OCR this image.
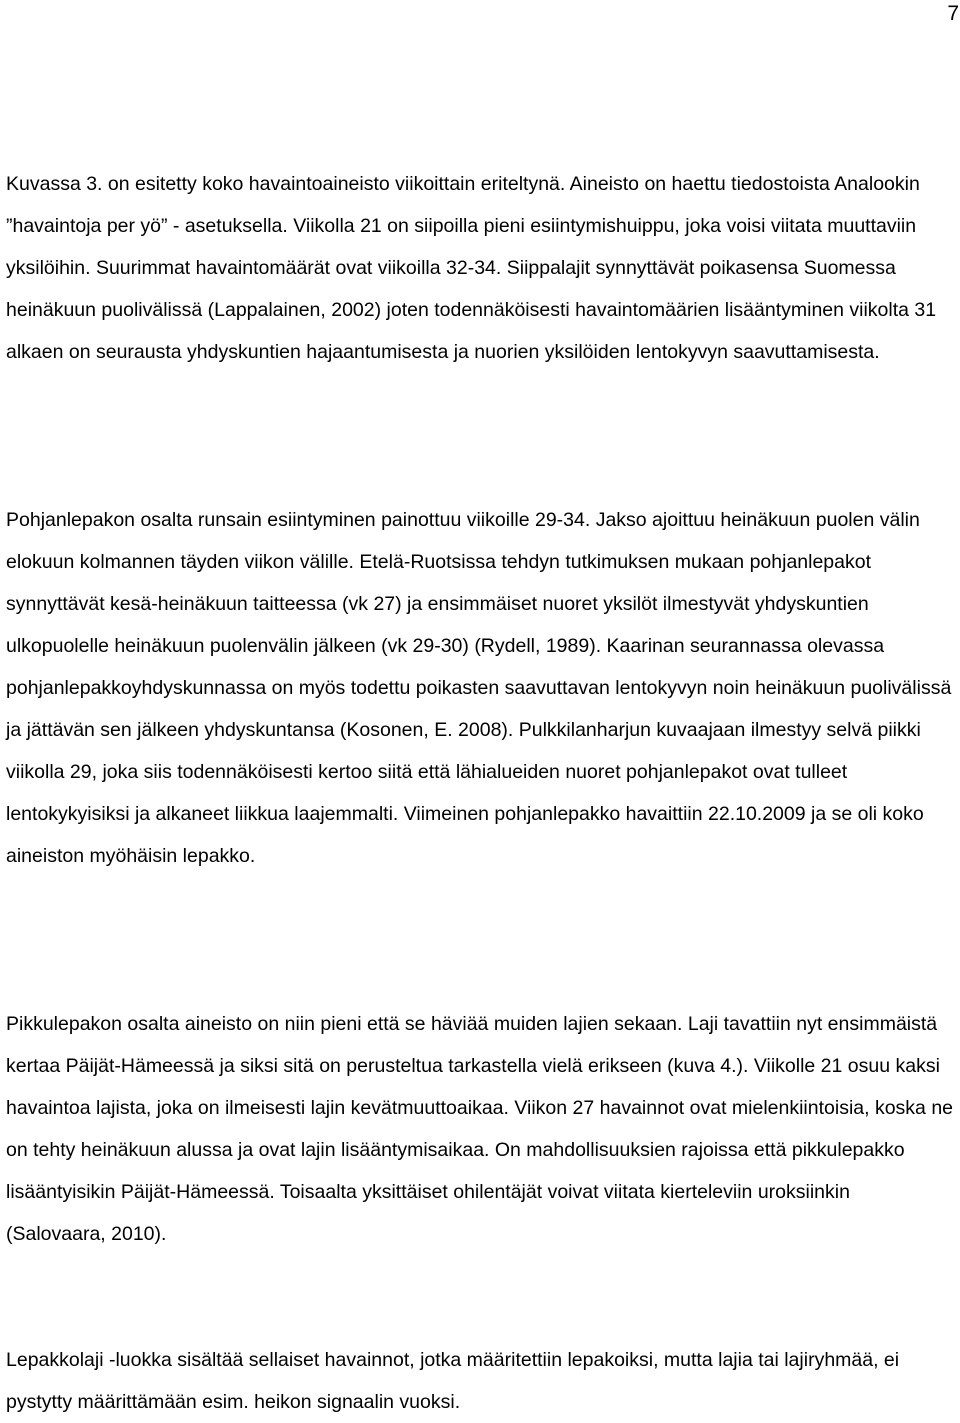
7

Kuvassa 3. on esitetty koko havaintoaineisto viikoittain eriteltynä. Aineisto on haettu tiedostoista Analookin ”havaintoja per yö” - asetuksella. Viikolla 21 on siipoilla pieni esiintymishuippu, joka voisi viitata muuttaviin yksilöihin. Suurimmat havaintomäärät ovat viikoilla 32-34. Siippalajit synnyttävät poikasensa Suomessa heinäkuun puolivälissä (Lappalainen, 2002) joten todennäköisesti havaintomäärien lisääntyminen viikolta 31 alkaen on seurausta yhdyskuntien hajaantumisesta ja nuorien yksilöiden lentokyvyn saavuttamisesta.

Pohjanlepakon osalta runsain esiintyminen painottuu viikoille 29-34. Jakso ajoittuu heinäkuun puolen välin elokuun kolmannen täyden viikon välille. Etelä-Ruotsissa tehdyn tutkimuksen mukaan pohjanlepakot synnyttävät kesä-heinäkuun taitteessa (vk 27) ja ensimmäiset nuoret yksilöt ilmestyvät yhdyskuntien ulkopuolelle heinäkuun puolenvälin jälkeen (vk 29-30) (Rydell, 1989). Kaarinan seurannassa olevassa pohjanlepakkoyhdyskunnassa on myös todettu poikasten saavuttavan lentokyvyn noin heinäkuun puolivälissä ja jättävän sen jälkeen yhdyskuntansa (Kosonen, E. 2008). Pulkkilanharjun kuvaajaan ilmestyy selvä piikki viikolla 29, joka siis todennäköisesti kertoo siitä että lähialueiden nuoret pohjanlepakot ovat tulleet lentokykyisiksi ja alkaneet liikkua laajemmalti. Viimeinen pohjanlepakko havaittiin 22.10.2009 ja se oli koko aineiston myöhäisin lepakko.

Pikkulepakon osalta aineisto on niin pieni että se häviää muiden lajien sekaan. Laji tavattiin nyt ensimmäistä kertaa Päijät-Hämeessä ja siksi sitä on perusteltua tarkastella vielä erikseen (kuva 4.). Viikolle 21 osuu kaksi havaintoa lajista, joka on ilmeisesti lajin kevätmuuttoaikaa. Viikon 27 havainnot ovat mielenkiintoisia, koska ne on tehty heinäkuun alussa ja ovat lajin lisääntymisaikaa. On mahdollisuuksien rajoissa että pikkulepakko lisääntyisikin Päijät-Hämeessä. Toisaalta yksittäiset ohilentäjät voivat viitata kierteleviin uroksiinkin (Salovaara, 2010).

Lepakkolaji -luokka sisältää sellaiset havainnot, jotka määritettiin lepakoiksi, mutta lajia tai lajiryhmää, ei pystytty määrittämään esim. heikon signaalin vuoksi.
